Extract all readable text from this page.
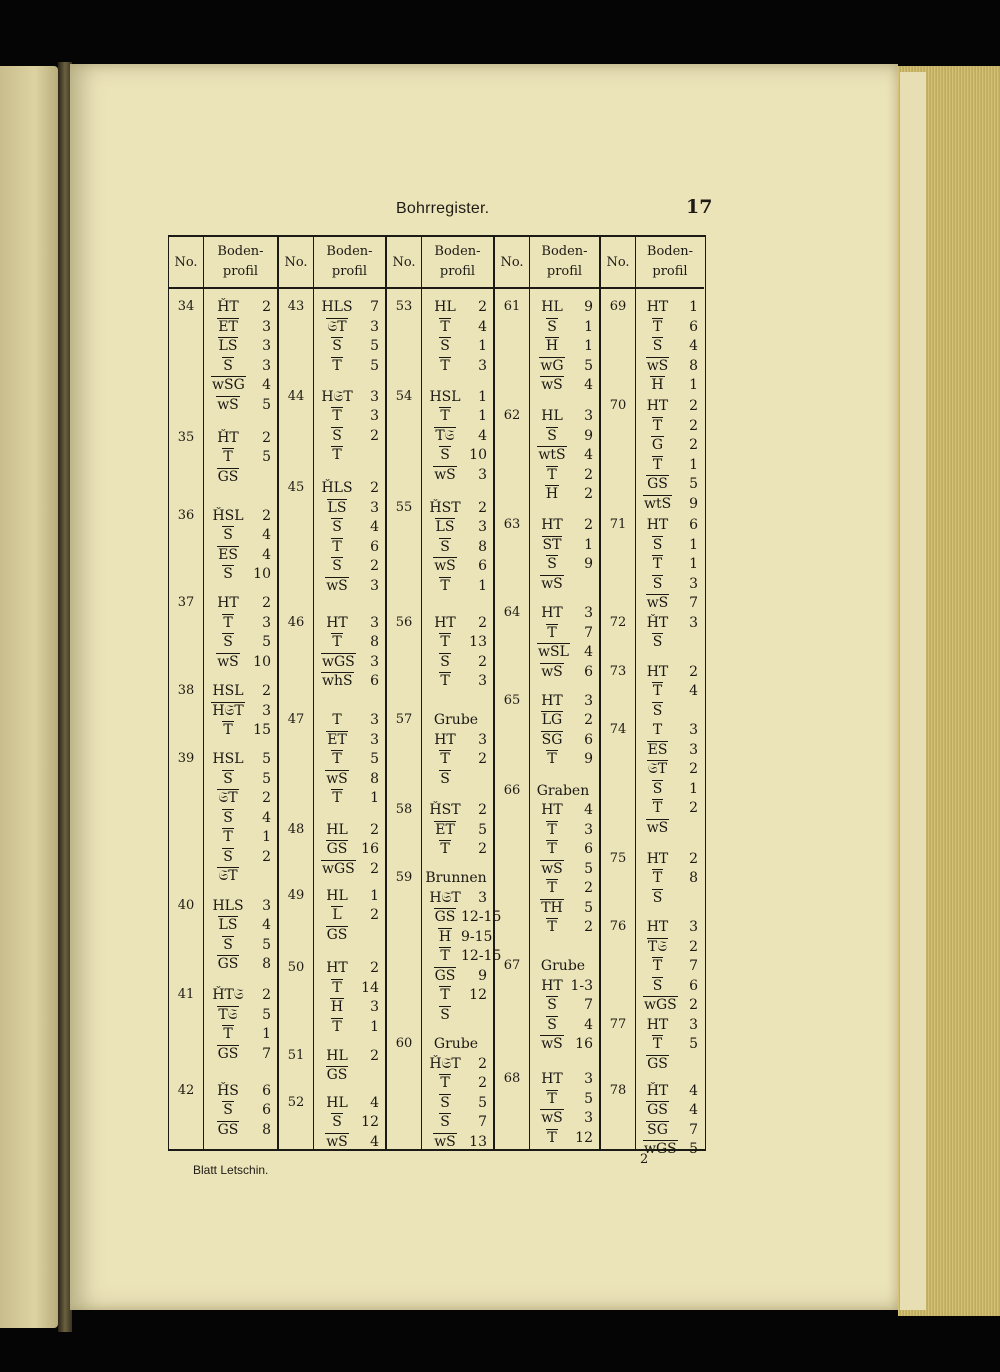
Bohrregister.	17
No.
Boden-
profil
34	ȞT	2
ET	3
LS	3
S	3
wSG	4
wS	5
35	ȞT	2
T	5
GS
36	ȞSL	2
S	4
ES	4
S	10
37	HT	2
T	3
S	5
wS	10
38	HSL	2
H𝔖T	3
T	15
39	HSL	5
S	5
𝔖T	2
S	4
T	1
S	2
𝔖T
40	HLS	3
LS	4
S	5
GS	8
41	ȞT𝔖	2
T𝔖	5
T	1
GS	7
42	ȞS	6
S	6
GS	8
No.
Boden-
profil
43	HLS	7
𝔖T	3
S	5
T	5
44	H𝔖T	3
T	3
S	2
T
45	ȞLS	2
LS	3
S	4
T	6
S	2
wS	3
46	HT	3
T	8
wGS	3
whS	6
47	T	3
ET	3
T	5
wS	8
T	1
48	HL	2
GS 16
wGS	2
49	HL	1
L	2
GS
50	HT	2
T	14
H	3
T	1
51	HL	2
GS
52	HL	4
S	12
wS	4
No.
Boden-
profil
53	HL	2
T	4
S	1
T	3
54	HSL	1
T	1
T𝔖	4
S	10
wS	3
55	ȞST	2
LS	3
S	8
wS	6
T	1
56	HT	2
T	13
S	2
T	3
57	Grube
HT	3
T	2
S
58	ȞST	2
ET	5
T	2
59 Brunnen
H𝔖T	3
GS 12-15
H 9-15
T 12-15
GS	9
T	12
S
60	Grube
Ȟ𝔖T	2
T	2
S	5
S	7
wS 13
No.
Boden-
profil
61	HL	9
S	1
H	1
wG	5
wS	4
62	HL	3
S	9
wtS	4
T	2
H	2
63	HT	2
ST	1
S	9
wS
64	HT	3
T	7
wSL	4
wS	6
65	HT	3
LG	2
SG	6
T	9
66	Graben
HT	4
T	3
T	6
wS	5
T	2
TH	5
T	2
67	Grube
HT 1-3
S	7
S	4
wS 16
68	HT	3
T	5
wS	3
T	12
No.
Boden-
profil
69	HT	1
T	6
S	4
wS	8
H	1
70	HT	2
T	2
G	2
T	1
GS	5
wtS	9
71	HT	6
S	1
T	1
S	3
wS	7
72	ȞT	3
S
73	HT	2
T	4
S
74	T	3
ES	3
𝔖T	2
S	1
T	2
wS
75	HT	2
T	8
S
76	HT	3
T𝔖	2
T	7
S	6
wGS 2
77	HT	3
T	5
GS
78	ȞT	4
GS	4
SG	7
wGS 5
Blatt Letschin.
2
